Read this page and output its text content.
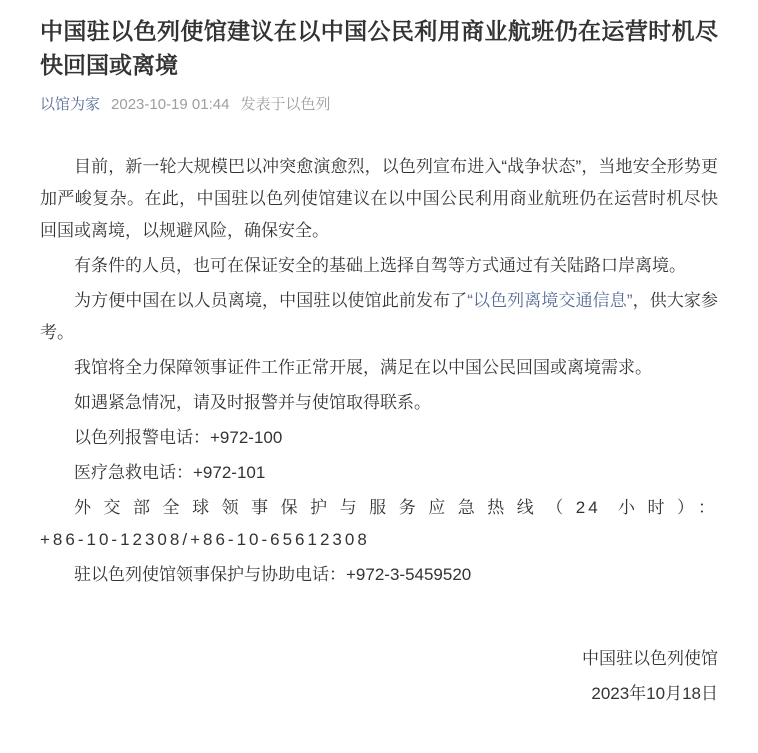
中国驻以色列使馆建议在以中国公民利用商业航班仍在运营时机尽快回国或离境
以馆为家 2023-10-19 01:44 发表于以色列

目前，新一轮大规模巴以冲突愈演愈烈，以色列宣布进入“战争状态”，当地安全形势更加严峻复杂。在此，中国驻以色列使馆建议在以中国公民利用商业航班仍在运营时机尽快回国或离境，以规避风险，确保安全。

有条件的人员，也可在保证安全的基础上选择自驾等方式通过有关陆路口岸离境。

为方便中国在以人员离境，中国驻以使馆此前发布了“以色列离境交通信息”，供大家参考。

我馆将全力保障领事证件工作正常开展，满足在以中国公民回国或离境需求。

如遇紧急情况，请及时报警并与使馆取得联系。

以色列报警电话：+972-100

医疗急救电话：+972-101

外交部全球领事保护与服务应急热线（24 小时）：+86-10-12308/+86-10-65612308

驻以色列使馆领事保护与协助电话：+972-3-5459520

中国驻以色列使馆

2023年10月18日
